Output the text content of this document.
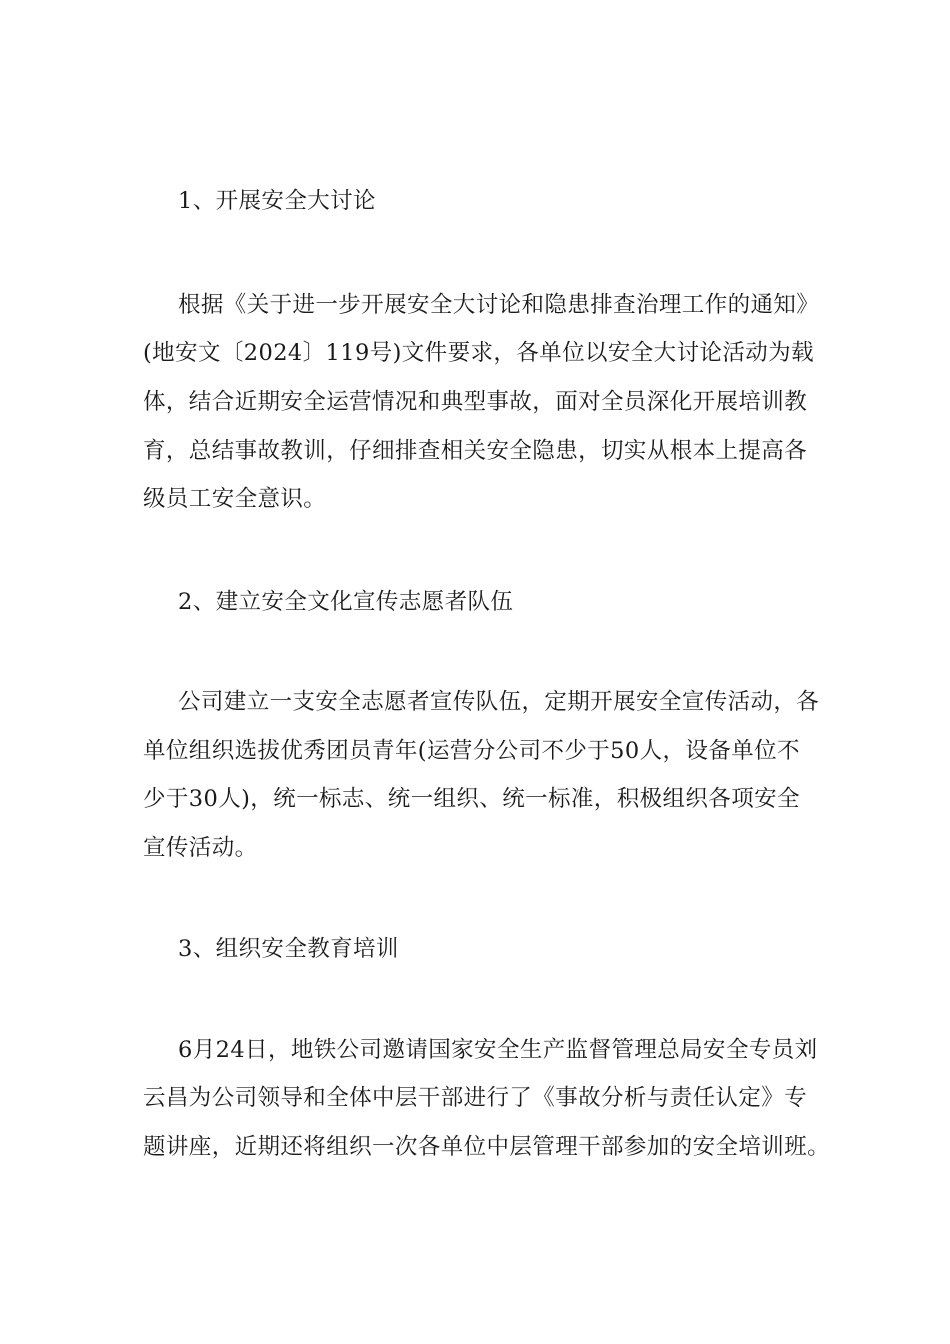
1、开展安全大讨论
根据《关于进一步开展安全大讨论和隐患排查治理工作的通知》
(地安文〔2024〕119号)文件要求，各单位以安全大讨论活动为载
体，结合近期安全运营情况和典型事故，面对全员深化开展培训教
育，总结事故教训，仔细排查相关安全隐患，切实从根本上提高各
级员工安全意识。
2、建立安全文化宣传志愿者队伍
公司建立一支安全志愿者宣传队伍，定期开展安全宣传活动，各
单位组织选拔优秀团员青年(运营分公司不少于50人，设备单位不
少于30人)，统一标志、统一组织、统一标准，积极组织各项安全
宣传活动。
3、组织安全教育培训
6月24日，地铁公司邀请国家安全生产监督管理总局安全专员刘
云昌为公司领导和全体中层干部进行了《事故分析与责任认定》专
题讲座，近期还将组织一次各单位中层管理干部参加的安全培训班。
